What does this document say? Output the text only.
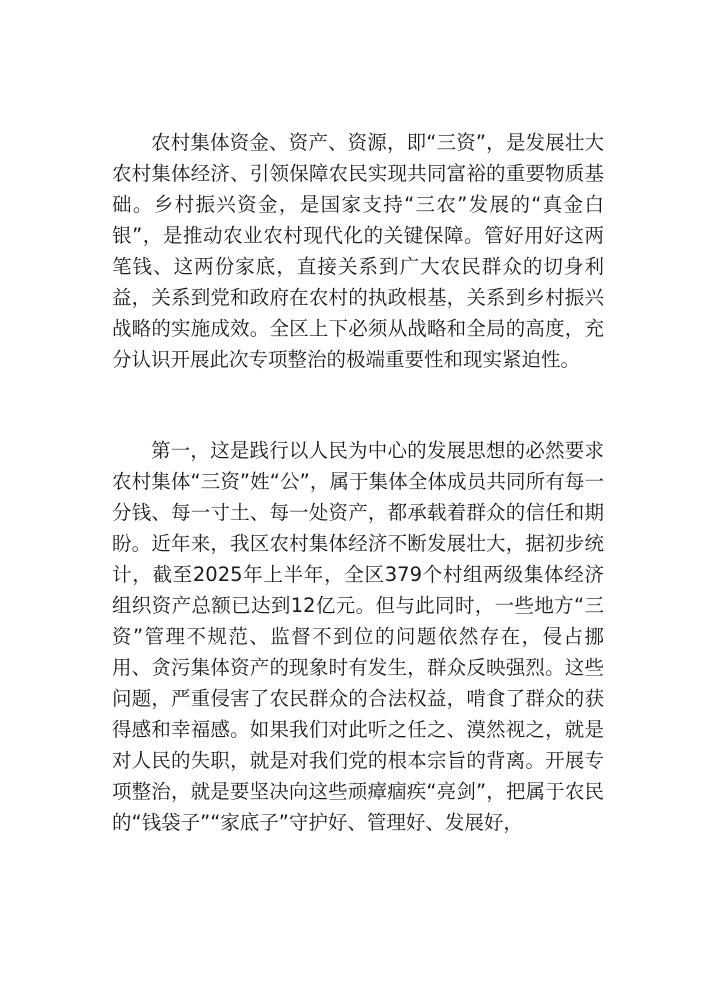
农村集体资金、资产、资源，即“三资”，是发展壮大农村集体经济、引领保障农民实现共同富裕的重要物质基础。乡村振兴资金，是国家支持“三农”发展的“真金白银”，是推动农业农村现代化的关键保障。管好用好这两笔钱、这两份家底，直接关系到广大农民群众的切身利益，关系到党和政府在农村的执政根基，关系到乡村振兴战略的实施成效。全区上下必须从战略和全局的高度，充分认识开展此次专项整治的极端重要性和现实紧迫性。

第一，这是践行以人民为中心的发展思想的必然要求农村集体“三资”姓“公”，属于集体全体成员共同所有每一分钱、每一寸土、每一处资产，都承载着群众的信任和期盼。近年来，我区农村集体经济不断发展壮大，据初步统计，截至2025年上半年，全区379个村组两级集体经济组织资产总额已达到12亿元。但与此同时，一些地方“三资”管理不规范、监督不到位的问题依然存在，侵占挪用、贪污集体资产的现象时有发生，群众反映强烈。这些问题，严重侵害了农民群众的合法权益，啃食了群众的获得感和幸福感。如果我们对此听之任之、漠然视之，就是对人民的失职，就是对我们党的根本宗旨的背离。开展专项整治，就是要坚决向这些顽瘴痼疾“亮剑”，把属于农民的“钱袋子”“家底子”守护好、管理好、发展好，
